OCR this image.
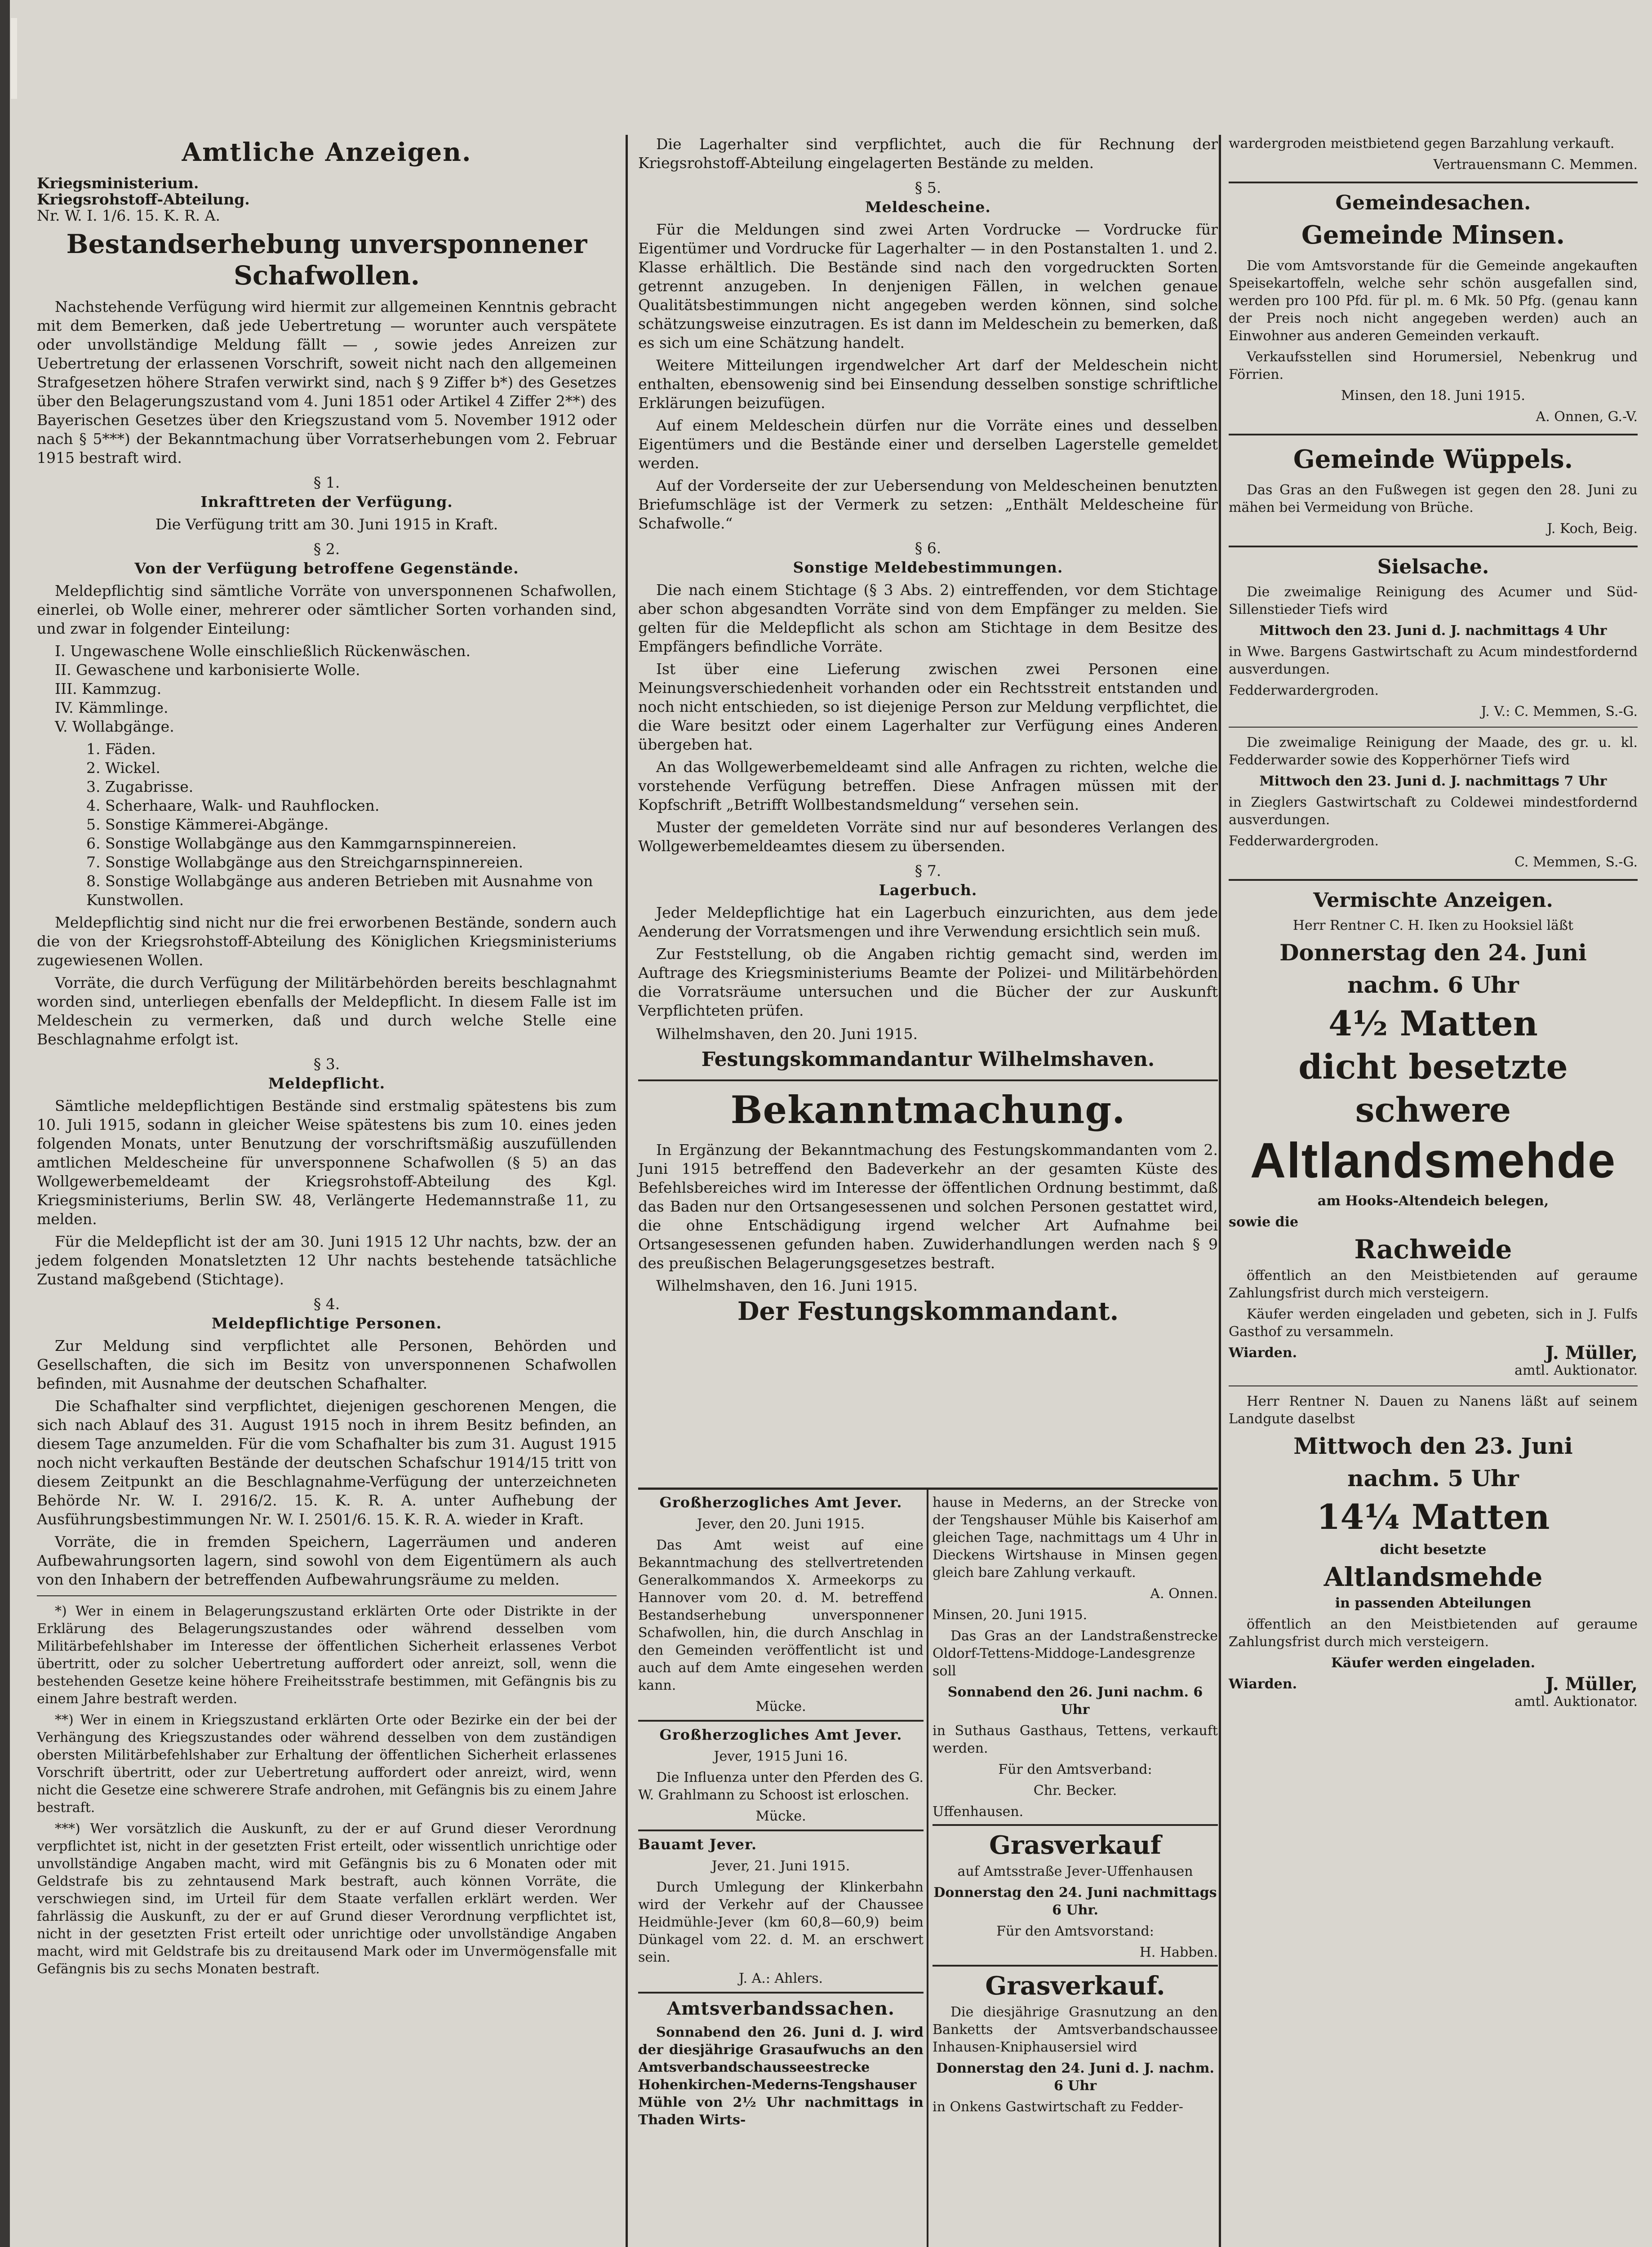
Amtliche Anzeigen.

Kriegsministerium.

Kriegsrohstoff-Abteilung.

Nr. W. I. 1/6. 15. K. R. A.

Bestandserhebung unversponnener Schafwollen.

Nachstehende Verfügung wird hiermit zur allgemeinen Kenntnis gebracht mit dem Bemerken, daß jede Uebertretung — worunter auch verspätete oder unvollständige Meldung fällt — , sowie jedes Anreizen zur Uebertretung der erlassenen Vorschrift, soweit nicht nach den allgemeinen Strafgesetzen höhere Strafen verwirkt sind, nach § 9 Ziffer b*) des Gesetzes über den Belagerungszustand vom 4. Juni 1851 oder Artikel 4 Ziffer 2**) des Bayerischen Gesetzes über den Kriegszustand vom 5. November 1912 oder nach § 5***) der Bekanntmachung über Vorratserhebungen vom 2. Februar 1915 bestraft wird.

§ 1.
Inkrafttreten der Verfügung.

Die Verfügung tritt am 30. Juni 1915 in Kraft.

§ 2.
Von der Verfügung betroffene Gegenstände.

Meldepflichtig sind sämtliche Vorräte von unversponnenen Schafwollen, einerlei, ob Wolle einer, mehrerer oder sämtlicher Sorten vorhanden sind, und zwar in folgender Einteilung:

I. Ungewaschene Wolle einschließlich Rückenwäschen.
II. Gewaschene und karbonisierte Wolle.
III. Kammzug.
IV. Kämmlinge.
V. Wollabgänge.
1. Fäden.
2. Wickel.
3. Zugabrisse.
4. Scherhaare, Walk- und Rauhflocken.
5. Sonstige Kämmerei-Abgänge.
6. Sonstige Wollabgänge aus den Kammgarnspinnereien.
7. Sonstige Wollabgänge aus den Streichgarnspinnereien.
8. Sonstige Wollabgänge aus anderen Betrieben mit Ausnahme von Kunstwollen.

Meldepflichtig sind nicht nur die frei erworbenen Bestände, sondern auch die von der Kriegsrohstoff-Abteilung des Königlichen Kriegsministeriums zugewiesenen Wollen.

Vorräte, die durch Verfügung der Militärbehörden bereits beschlagnahmt worden sind, unterliegen ebenfalls der Meldepflicht. In diesem Falle ist im Meldeschein zu vermerken, daß und durch welche Stelle eine Beschlagnahme erfolgt ist.

§ 3.
Meldepflicht.

Sämtliche meldepflichtigen Bestände sind erstmalig spätestens bis zum 10. Juli 1915, sodann in gleicher Weise spätestens bis zum 10. eines jeden folgenden Monats, unter Benutzung der vorschriftsmäßig auszufüllenden amtlichen Meldescheine für unversponnene Schafwollen (§ 5) an das Wollgewerbemeldeamt der Kriegsrohstoff-Abteilung des Kgl. Kriegsministeriums, Berlin SW. 48, Verlängerte Hedemannstraße 11, zu melden.

Für die Meldepflicht ist der am 30. Juni 1915 12 Uhr nachts, bzw. der an jedem folgenden Monatsletzten 12 Uhr nachts bestehende tatsächliche Zustand maßgebend (Stichtage).

§ 4.
Meldepflichtige Personen.

Zur Meldung sind verpflichtet alle Personen, Behörden und Gesellschaften, die sich im Besitz von unversponnenen Schafwollen befinden, mit Ausnahme der deutschen Schafhalter.

Die Schafhalter sind verpflichtet, diejenigen geschorenen Mengen, die sich nach Ablauf des 31. August 1915 noch in ihrem Besitz befinden, an diesem Tage anzumelden. Für die vom Schafhalter bis zum 31. August 1915 noch nicht verkauften Bestände der deutschen Schafschur 1914/15 tritt von diesem Zeitpunkt an die Beschlagnahme-Verfügung der unterzeichneten Behörde Nr. W. I. 2916/2. 15. K. R. A. unter Aufhebung der Ausführungsbestimmungen Nr. W. I. 2501/6. 15. K. R. A. wieder in Kraft.

Vorräte, die in fremden Speichern, Lagerräumen und anderen Aufbewahrungsorten lagern, sind sowohl von dem Eigentümern als auch von den Inhabern der betreffenden Aufbewahrungsräume zu melden.

*) Wer in einem in Belagerungszustand erklärten Orte oder Distrikte in der Erklärung des Belagerungszustandes oder während desselben vom Militärbefehlshaber im Interesse der öffentlichen Sicherheit erlassenes Verbot übertritt, oder zu solcher Uebertretung auffordert oder anreizt, soll, wenn die bestehenden Gesetze keine höhere Freiheitsstrafe bestimmen, mit Gefängnis bis zu einem Jahre bestraft werden.

**) Wer in einem in Kriegszustand erklärten Orte oder Bezirke ein der bei der Verhängung des Kriegszustandes oder während desselben von dem zuständigen obersten Militärbefehlshaber zur Erhaltung der öffentlichen Sicherheit erlassenes Vorschrift übertritt, oder zur Uebertretung auffordert oder anreizt, wird, wenn nicht die Gesetze eine schwerere Strafe androhen, mit Gefängnis bis zu einem Jahre bestraft.

***) Wer vorsätzlich die Auskunft, zu der er auf Grund dieser Verordnung verpflichtet ist, nicht in der gesetzten Frist erteilt, oder wissentlich unrichtige oder unvollständige Angaben macht, wird mit Gefängnis bis zu 6 Monaten oder mit Geldstrafe bis zu zehntausend Mark bestraft, auch können Vorräte, die verschwiegen sind, im Urteil für dem Staate verfallen erklärt werden. Wer fahrlässig die Auskunft, zu der er auf Grund dieser Verordnung verpflichtet ist, nicht in der gesetzten Frist erteilt oder unrichtige oder unvollständige Angaben macht, wird mit Geldstrafe bis zu dreitausend Mark oder im Unvermögensfalle mit Gefängnis bis zu sechs Monaten bestraft.

Die Lagerhalter sind verpflichtet, auch die für Rechnung der Kriegsrohstoff-Abteilung eingelagerten Bestände zu melden.

§ 5.
Meldescheine.

Für die Meldungen sind zwei Arten Vordrucke — Vordrucke für Eigentümer und Vordrucke für Lagerhalter — in den Postanstalten 1. und 2. Klasse erhältlich. Die Bestände sind nach den vorgedruckten Sorten getrennt anzugeben. In denjenigen Fällen, in welchen genaue Qualitätsbestimmungen nicht angegeben werden können, sind solche schätzungsweise einzutragen. Es ist dann im Meldeschein zu bemerken, daß es sich um eine Schätzung handelt.

Weitere Mitteilungen irgendwelcher Art darf der Meldeschein nicht enthalten, ebensowenig sind bei Einsendung desselben sonstige schriftliche Erklärungen beizufügen.

Auf einem Meldeschein dürfen nur die Vorräte eines und desselben Eigentümers und die Bestände einer und derselben Lagerstelle gemeldet werden.

Auf der Vorderseite der zur Uebersendung von Meldescheinen benutzten Briefumschläge ist der Vermerk zu setzen: „Enthält Meldescheine für Schafwolle.“

§ 6.
Sonstige Meldebestimmungen.

Die nach einem Stichtage (§ 3 Abs. 2) eintreffenden, vor dem Stichtage aber schon abgesandten Vorräte sind von dem Empfänger zu melden. Sie gelten für die Meldepflicht als schon am Stichtage in dem Besitze des Empfängers befindliche Vorräte.

Ist über eine Lieferung zwischen zwei Personen eine Meinungsverschiedenheit vorhanden oder ein Rechtsstreit entstanden und noch nicht entschieden, so ist diejenige Person zur Meldung verpflichtet, die die Ware besitzt oder einem Lagerhalter zur Verfügung eines Anderen übergeben hat.

An das Wollgewerbemeldeamt sind alle Anfragen zu richten, welche die vorstehende Verfügung betreffen. Diese Anfragen müssen mit der Kopfschrift „Betrifft Wollbestandsmeldung“ versehen sein.

Muster der gemeldeten Vorräte sind nur auf besonderes Verlangen des Wollgewerbemeldeamtes diesem zu übersenden.

§ 7.
Lagerbuch.

Jeder Meldepflichtige hat ein Lagerbuch einzurichten, aus dem jede Aenderung der Vorratsmengen und ihre Verwendung ersichtlich sein muß.

Zur Feststellung, ob die Angaben richtig gemacht sind, werden im Auftrage des Kriegsministeriums Beamte der Polizei- und Militärbehörden die Vorratsräume untersuchen und die Bücher der zur Auskunft Verpflichteten prüfen.

Wilhelmshaven, den 20. Juni 1915.

Festungskommandantur Wilhelmshaven.
Bekanntmachung.

In Ergänzung der Bekanntmachung des Festungskommandanten vom 2. Juni 1915 betreffend den Badeverkehr an der gesamten Küste des Befehlsbereiches wird im Interesse der öffentlichen Ordnung bestimmt, daß das Baden nur den Ortsangesessenen und solchen Personen gestattet wird, die ohne Entschädigung irgend welcher Art Aufnahme bei Ortsangesessenen gefunden haben. Zuwiderhandlungen werden nach § 9 des preußischen Belagerungsgesetzes bestraft.

Wilhelmshaven, den 16. Juni 1915.

Der Festungskommandant.
Großherzogliches Amt Jever.

Jever, den 20. Juni 1915.

Das Amt weist auf eine Bekanntmachung des stellvertretenden Generalkommandos X. Armeekorps zu Hannover vom 20. d. M. betreffend Bestandserhebung unversponnener Schafwollen, hin, die durch Anschlag in den Gemeinden veröffentlicht ist und auch auf dem Amte eingesehen werden kann.

Mücke.

Großherzogliches Amt Jever.

Jever, 1915 Juni 16.

Die Influenza unter den Pferden des G. W. Grahlmann zu Schoost ist erloschen.

Mücke.

Bauamt Jever.

Jever, 21. Juni 1915.

Durch Umlegung der Klinkerbahn wird der Verkehr auf der Chaussee Heidmühle-Jever (km 60,8—60,9) beim Dünkagel vom 22. d. M. an erschwert sein.

J. A.: Ahlers.

Amtsverbandssachen.

Sonnabend den 26. Juni d. J. wird der diesjährige Grasaufwuchs an den Amtsverbandschausseestrecke Hohenkirchen-Mederns-Tengshauser Mühle von 2½ Uhr nachmittags in Thaden Wirts-

hause in Mederns, an der Strecke von der Tengshauser Mühle bis Kaiserhof am gleichen Tage, nachmittags um 4 Uhr in Dieckens Wirtshause in Minsen gegen gleich bare Zahlung verkauft.

A. Onnen.

Minsen, 20. Juni 1915.

Das Gras an der Landstraßenstrecke Oldorf-Tettens-Middoge-Landesgrenze soll

Sonnabend den 26. Juni nachm. 6 Uhr

in Suthaus Gasthaus, Tettens, verkauft werden.

Für den Amtsverband:

Chr. Becker.

Uffenhausen.

Grasverkauf

auf Amtsstraße Jever-Uffenhausen

Donnerstag den 24. Juni nachmittags 6 Uhr.

Für den Amtsvorstand:

H. Habben.

Grasverkauf.

Die diesjährige Grasnutzung an den Banketts der Amtsverbandschaussee Inhausen-Kniphausersiel wird

Donnerstag den 24. Juni d. J. nachm. 6 Uhr

in Onkens Gastwirtschaft zu Fedder-

wardergroden meistbietend gegen Barzahlung verkauft.

Vertrauensmann C. Memmen.

Gemeindesachen.
Gemeinde Minsen.

Die vom Amtsvorstande für die Gemeinde angekauften Speisekartoffeln, welche sehr schön ausgefallen sind, werden pro 100 Pfd. für pl. m. 6 Mk. 50 Pfg. (genau kann der Preis noch nicht angegeben werden) auch an Einwohner aus anderen Gemeinden verkauft.

Verkaufsstellen sind Horumersiel, Nebenkrug und Förrien.

Minsen, den 18. Juni 1915.

A. Onnen, G.-V.

Gemeinde Wüppels.

Das Gras an den Fußwegen ist gegen den 28. Juni zu mähen bei Vermeidung von Brüche.

J. Koch, Beig.

Sielsache.

Die zweimalige Reinigung des Acumer und Süd-Sillenstieder Tiefs wird

Mittwoch den 23. Juni d. J. nachmittags 4 Uhr

in Wwe. Bargens Gastwirtschaft zu Acum mindestfordernd ausverdungen.

Fedderwardergroden.

J. V.: C. Memmen, S.-G.

Die zweimalige Reinigung der Maade, des gr. u. kl. Fedderwarder sowie des Kopperhörner Tiefs wird

Mittwoch den 23. Juni d. J. nachmittags 7 Uhr

in Zieglers Gastwirtschaft zu Coldewei mindestfordernd ausverdungen.

Fedderwardergroden.

C. Memmen, S.-G.

Vermischte Anzeigen.

Herr Rentner C. H. Iken zu Hooksiel läßt

Donnerstag den 24. Juni
nachm. 6 Uhr
4½ Matten
dicht besetzte
schwere
Altlandsmehde

am Hooks-Altendeich belegen,

sowie die

Rachweide

öffentlich an den Meistbietenden auf geraume Zahlungsfrist durch mich versteigern.

Käufer werden eingeladen und gebeten, sich in J. Fulfs Gasthof zu versammeln.

Wiarden.	J. Müller,

amtl. Auktionator.

Herr Rentner N. Dauen zu Nanens läßt auf seinem Landgute daselbst

Mittwoch den 23. Juni
nachm. 5 Uhr
14¼ Matten

dicht besetzte

Altlandsmehde

in passenden Abteilungen

öffentlich an den Meistbietenden auf geraume Zahlungsfrist durch mich versteigern.

Käufer werden eingeladen.

Wiarden.	J. Müller,

amtl. Auktionator.
